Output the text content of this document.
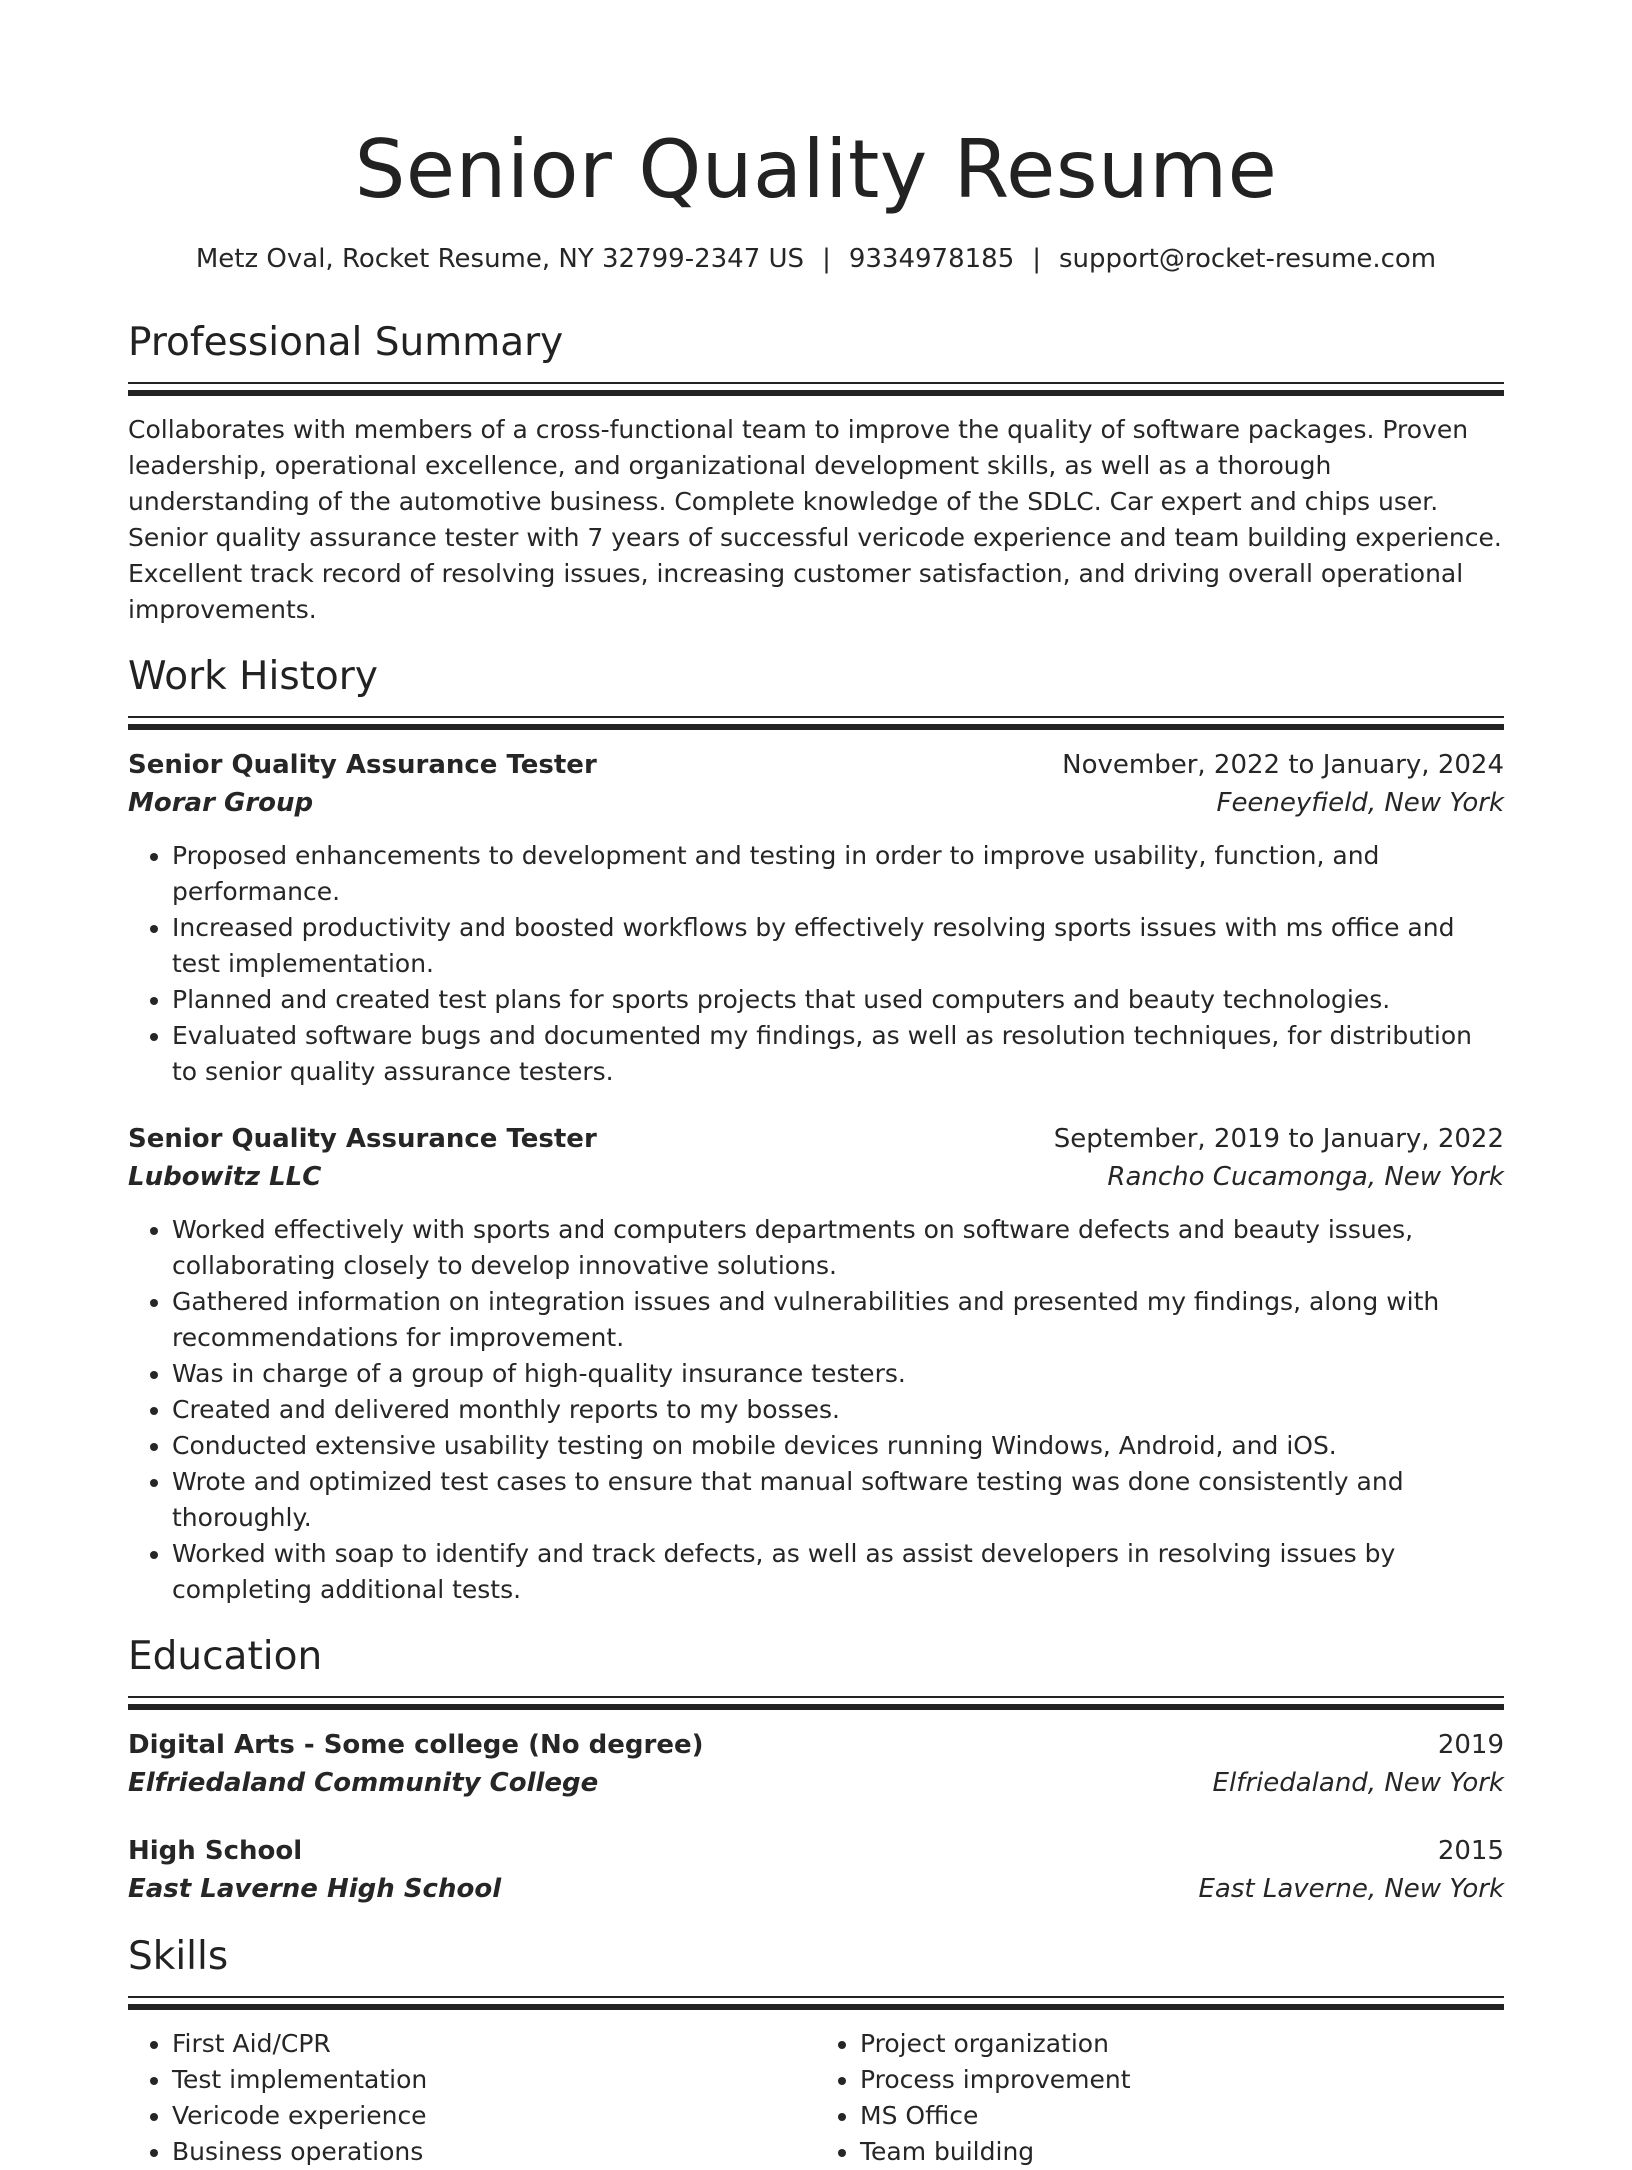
Senior Quality Resume
Metz Oval, Rocket Resume, NY 32799-2347 US | 9334978185 | support@rocket-resume.com
Professional Summary
Collaborates with members of a cross-functional team to improve the quality of software packages. Proven leadership, operational excellence, and organizational development skills, as well as a thorough understanding of the automotive business. Complete knowledge of the SDLC. Car expert and chips user. Senior quality assurance tester with 7 years of successful vericode experience and team building experience. Excellent track record of resolving issues, increasing customer satisfaction, and driving overall operational improvements.
Work History
Senior Quality Assurance Tester	November, 2022 to January, 2024
Morar Group	Feeneyfield, New York
• Proposed enhancements to development and testing in order to improve usability, function, and performance.
• Increased productivity and boosted workflows by effectively resolving sports issues with ms office and test implementation.
• Planned and created test plans for sports projects that used computers and beauty technologies.
• Evaluated software bugs and documented my findings, as well as resolution techniques, for distribution to senior quality assurance testers.
Senior Quality Assurance Tester	September, 2019 to January, 2022
Lubowitz LLC	Rancho Cucamonga, New York
• Worked effectively with sports and computers departments on software defects and beauty issues, collaborating closely to develop innovative solutions.
• Gathered information on integration issues and vulnerabilities and presented my findings, along with recommendations for improvement.
• Was in charge of a group of high-quality insurance testers.
• Created and delivered monthly reports to my bosses.
• Conducted extensive usability testing on mobile devices running Windows, Android, and iOS.
• Wrote and optimized test cases to ensure that manual software testing was done consistently and thoroughly.
• Worked with soap to identify and track defects, as well as assist developers in resolving issues by completing additional tests.
Education
Digital Arts - Some college (No degree)	2019
Elfriedaland Community College	Elfriedaland, New York
High School	2015
East Laverne High School	East Laverne, New York
Skills
• First Aid/CPR
• Test implementation
• Vericode experience
• Business operations
• Project organization
• Process improvement
• MS Office
• Team building
